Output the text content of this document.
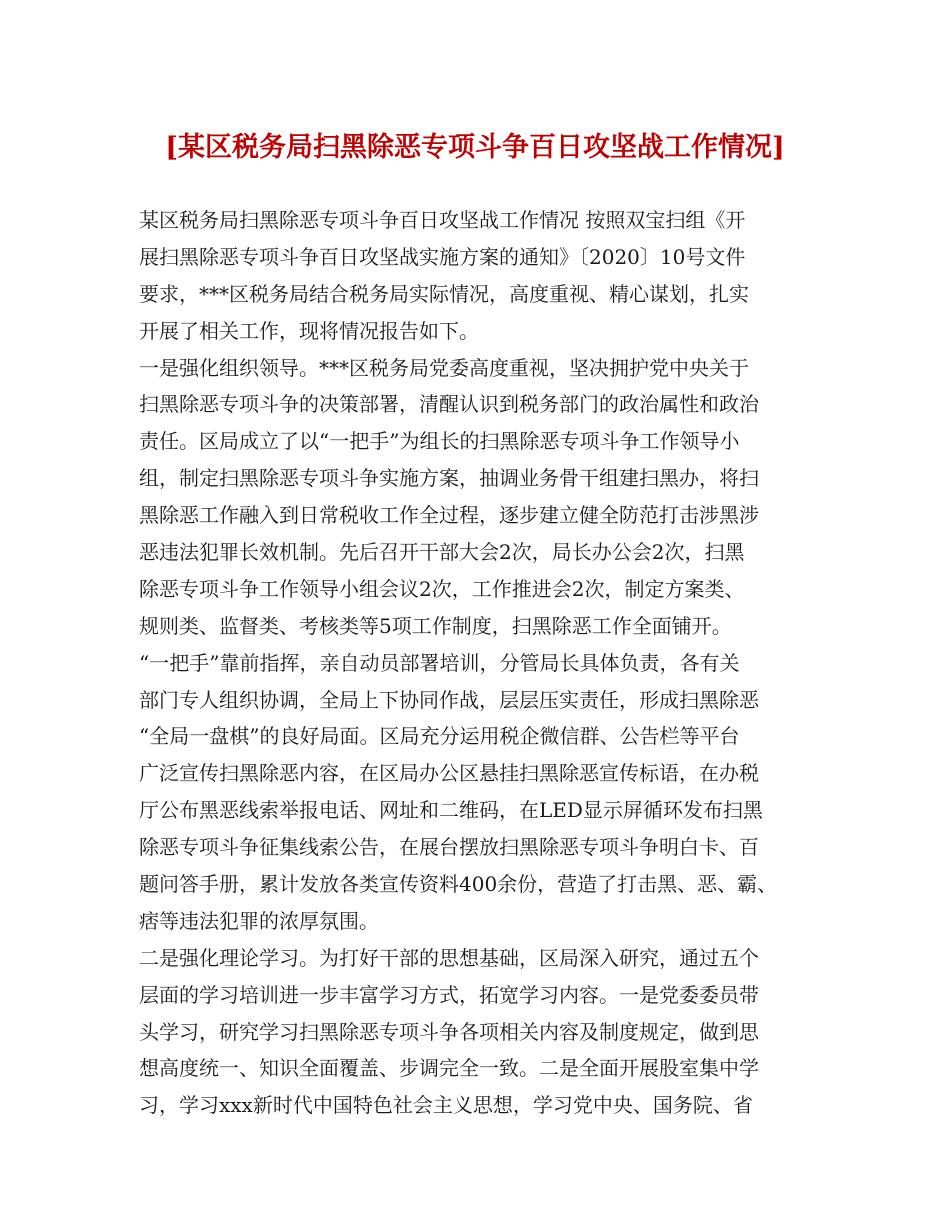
[某区税务局扫黑除恶专项斗争百日攻坚战工作情况]
某区税务局扫黑除恶专项斗争百日攻坚战工作情况 按照双宝扫组《开
展扫黑除恶专项斗争百日攻坚战实施方案的通知》〔2020〕10号文件
要求，***区税务局结合税务局实际情况，高度重视、精心谋划，扎实
开展了相关工作，现将情况报告如下。
一是强化组织领导。***区税务局党委高度重视，坚决拥护党中央关于
扫黑除恶专项斗争的决策部署，清醒认识到税务部门的政治属性和政治
责任。区局成立了以“一把手”为组长的扫黑除恶专项斗争工作领导小
组，制定扫黑除恶专项斗争实施方案，抽调业务骨干组建扫黑办，将扫
黑除恶工作融入到日常税收工作全过程，逐步建立健全防范打击涉黑涉
恶违法犯罪长效机制。先后召开干部大会2次，局长办公会2次，扫黑
除恶专项斗争工作领导小组会议2次，工作推进会2次，制定方案类、
规则类、监督类、考核类等5项工作制度，扫黑除恶工作全面铺开。
“一把手”靠前指挥，亲自动员部署培训，分管局长具体负责，各有关
部门专人组织协调，全局上下协同作战，层层压实责任，形成扫黑除恶
“全局一盘棋”的良好局面。区局充分运用税企微信群、公告栏等平台
广泛宣传扫黑除恶内容，在区局办公区悬挂扫黑除恶宣传标语，在办税
厅公布黑恶线索举报电话、网址和二维码，在LED显示屏循环发布扫黑
除恶专项斗争征集线索公告，在展台摆放扫黑除恶专项斗争明白卡、百
题问答手册，累计发放各类宣传资料400余份，营造了打击黑、恶、霸、
痞等违法犯罪的浓厚氛围。
二是强化理论学习。为打好干部的思想基础，区局深入研究，通过五个
层面的学习培训进一步丰富学习方式，拓宽学习内容。一是党委委员带
头学习，研究学习扫黑除恶专项斗争各项相关内容及制度规定，做到思
想高度统一、知识全面覆盖、步调完全一致。二是全面开展股室集中学
习，学习xxx新时代中国特色社会主义思想，学习党中央、国务院、省
